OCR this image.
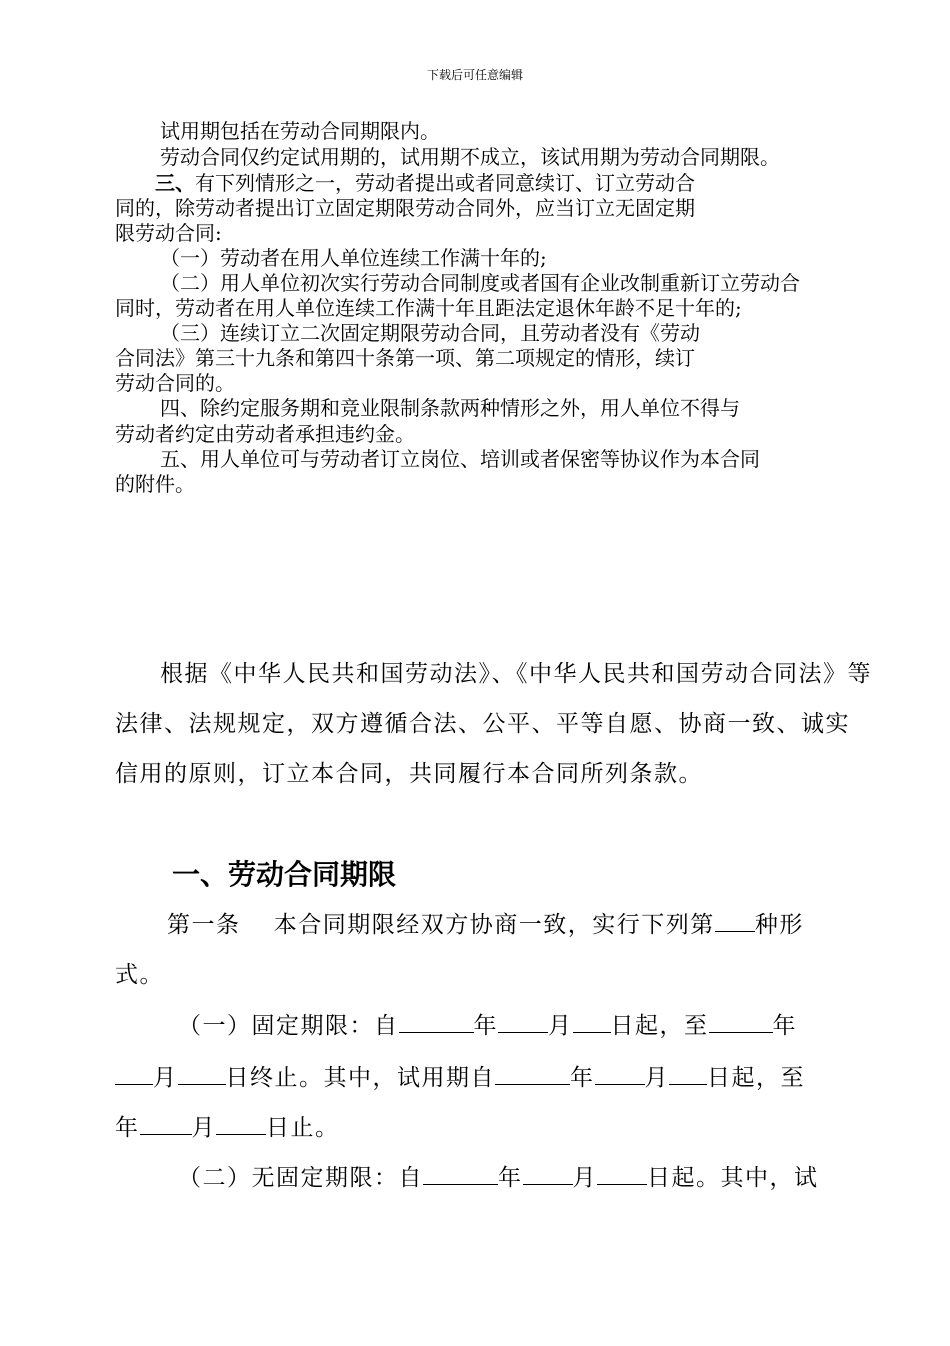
下载后可任意编辑
试用期包括在劳动合同期限内。
劳动合同仅约定试用期的，试用期不成立，该试用期为劳动合同期限。
三、有下列情形之一，劳动者提出或者同意续订、订立劳动合
同的，除劳动者提出订立固定期限劳动合同外，应当订立无固定期
限劳动合同:
（一）劳动者在用人单位连续工作满十年的;
（二）用人单位初次实行劳动合同制度或者国有企业改制重新订立劳动合
同时，劳动者在用人单位连续工作满十年且距法定退休年龄不足十年的;
（三）连续订立二次固定期限劳动合同，且劳动者没有《劳动
合同法》第三十九条和第四十条第一项、第二项规定的情形，续订
劳动合同的。
四、除约定服务期和竞业限制条款两种情形之外，用人单位不得与
劳动者约定由劳动者承担违约金。
五、用人单位可与劳动者订立岗位、培训或者保密等协议作为本合同
的附件。
根据《中华人民共和国劳动法》、《中华人民共和国劳动合同法》等
法律、法规规定，双方遵循合法、公平、平等自愿、协商一致、诚实
信用的原则，订立本合同，共同履行本合同所列条款。
一、劳动合同期限
第一条　 本合同期限经双方协商一致，实行下列第 种形
式。
（一）固定期限：自	年 月 日起，至	年
月 日终止。其中，试用期自	年 月 日起，至
年 月 日止。
（二）无固定期限：自	年 月 日起。其中，试
